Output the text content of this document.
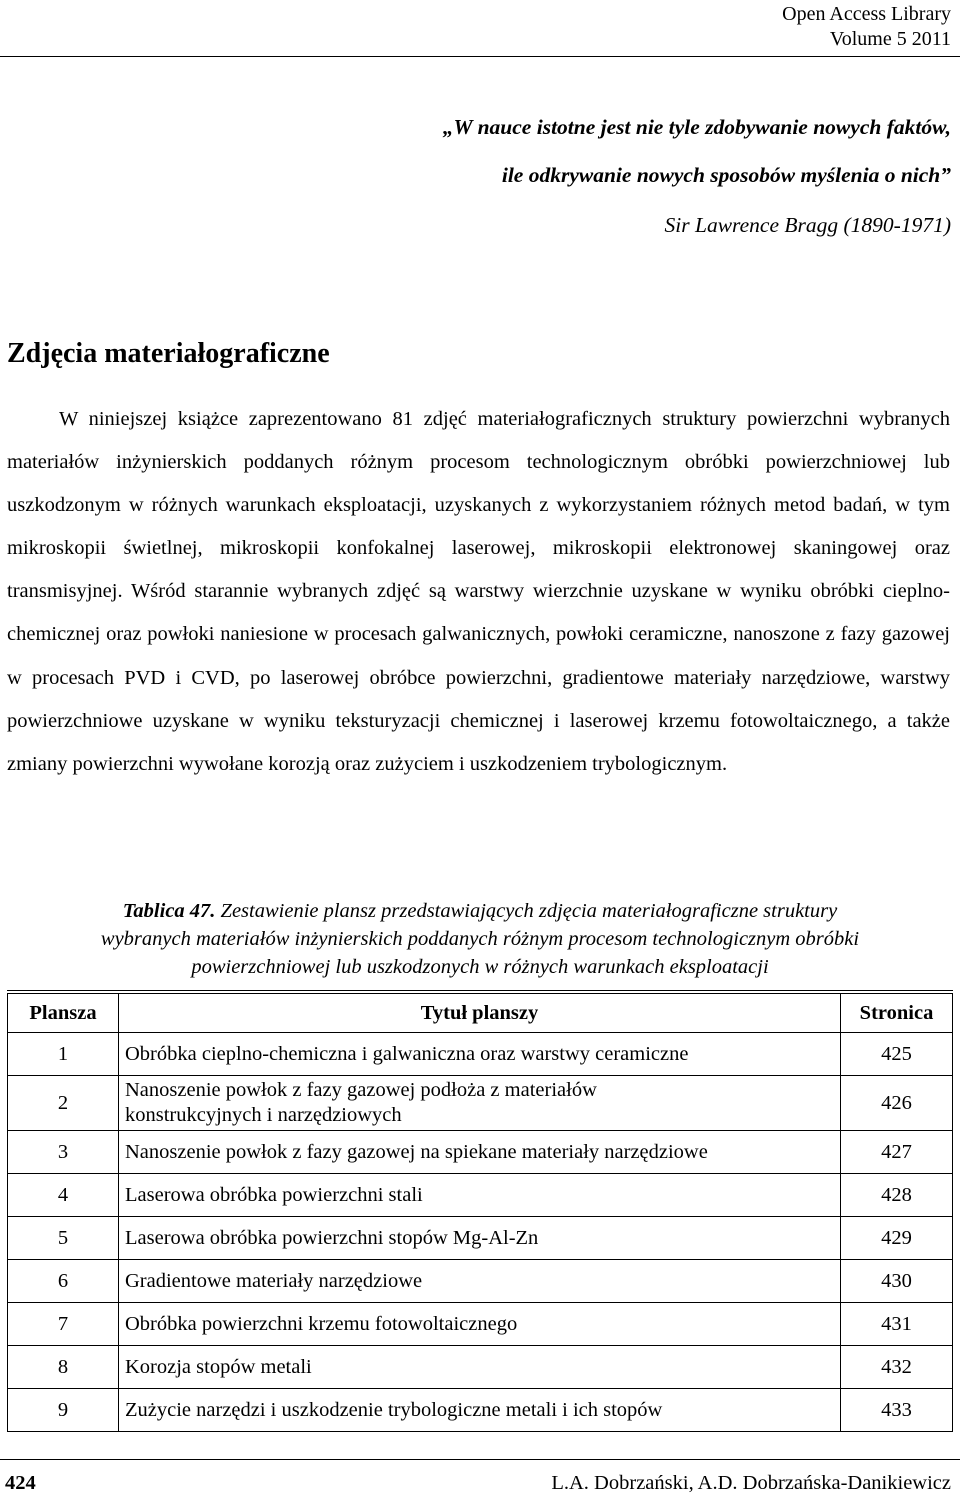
Open Access Library
Volume 5 2011
„W nauce istotne jest nie tyle zdobywanie nowych faktów,
ile odkrywanie nowych sposobów myślenia o nich”
Sir Lawrence Bragg (1890-1971)
Zdjęcia materiałograficzne

W niniejszej książce zaprezentowano 81 zdjęć materiałograficznych struktury powierzchni wybranych materiałów inżynierskich poddanych różnym procesom technologicznym obróbki powierzchniowej lub uszkodzonym w różnych warunkach eksploatacji, uzyskanych z wykorzystaniem różnych metod badań, w tym mikroskopii świetlnej, mikroskopii konfokalnej laserowej, mikroskopii elektronowej skaningowej oraz transmisyjnej. Wśród starannie wybranych zdjęć są warstwy wierzchnie uzyskane w wyniku obróbki cieplno-chemicznej oraz powłoki naniesione w procesach galwanicznych, powłoki ceramiczne, nanoszone z fazy gazowej w procesach PVD i CVD, po laserowej obróbce powierzchni, gradientowe materiały narzędziowe, warstwy powierzchniowe uzyskane w wyniku teksturyzacji chemicznej i laserowej krzemu fotowoltaicznego, a także zmiany powierzchni wywołane korozją oraz zużyciem i uszkodzeniem trybologicznym.

Tablica 47. Zestawienie plansz przedstawiających zdjęcia materiałograficzne struktury
wybranych materiałów inżynierskich poddanych różnym procesom technologicznym obróbki
powierzchniowej lub uszkodzonych w różnych warunkach eksploatacji
Plansza	Tytuł planszy	Stronica
1	Obróbka cieplno-chemiczna i galwaniczna oraz warstwy ceramiczne	425
2	Nanoszenie powłok z fazy gazowej podłoża z materiałów
konstrukcyjnych i narzędziowych	426
3	Nanoszenie powłok z fazy gazowej na spiekane materiały narzędziowe	427
4	Laserowa obróbka powierzchni stali	428
5	Laserowa obróbka powierzchni stopów Mg-Al-Zn	429
6	Gradientowe materiały narzędziowe	430
7	Obróbka powierzchni krzemu fotowoltaicznego	431
8	Korozja stopów metali	432
9	Zużycie narzędzi i uszkodzenie trybologiczne metali i ich stopów	433
424	L.A. Dobrzański, A.D. Dobrzańska-Danikiewicz
